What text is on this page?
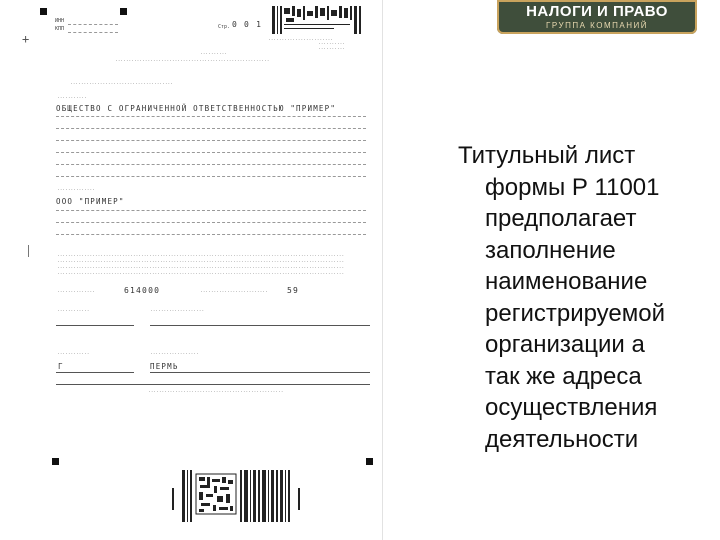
+	························
ИНН
КПП	Стр. 0 0 1
··········
··········
··········
·························································
······································
···········
ОБЩЕСТВО С ОГРАНИЧЕННОЙ ОТВЕТСТВЕННОСТЬЮ "ПРИМЕР"
··············
ООО "ПРИМЕР"
··········································································································
··········································································································
··········································································································
··········································································································
··············	614000	························· 59
············	····················
············	··················
Г	ПЕРМЬ
··················································
НАЛОГИ И ПРАВО
ГРУППА КОМПАНИЙ
Титульный лист
формы Р 11001
предполагает
заполнение
наименование
регистрируемой
организации а
так же адреса
осуществления
деятельности
